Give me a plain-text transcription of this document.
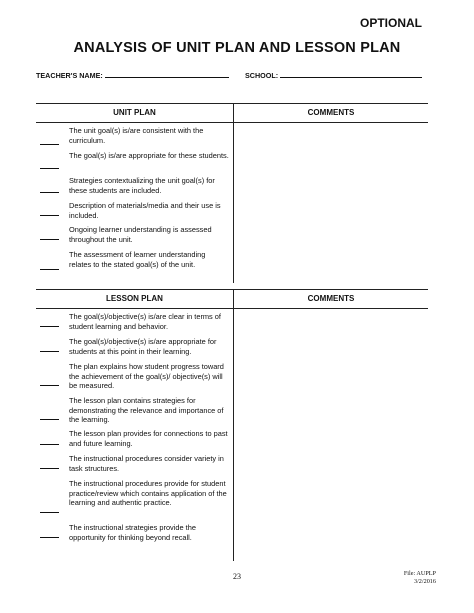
OPTIONAL
ANALYSIS OF UNIT PLAN AND LESSON PLAN
TEACHER'S NAME:	SCHOOL:
UNIT PLAN	COMMENTS
The unit goal(s) is/are consistent with the curriculum.
The goal(s) is/are appropriate for these students.
Strategies contextualizing the unit goal(s) for these students are included.
Description of materials/media and their use is included.
Ongoing learner understanding is assessed throughout the unit.
The assessment of learner understanding relates to the stated goal(s) of the unit.
LESSON PLAN	COMMENTS
The goal(s)/objective(s) is/are clear in terms of student learning and behavior.
The goal(s)/objective(s) is/are appropriate for students at this point in their learning.
The plan explains how student progress toward the achievement of the goal(s)/ objective(s) will be measured.
The lesson plan contains strategies for demonstrating the relevance and importance of the learning.
The lesson plan provides for connections to past and future learning.
The instructional procedures consider variety in task structures.
The instructional procedures provide for student practice/review which contains application of the learning and authentic practice.
The instructional strategies provide the opportunity for thinking beyond recall.
23	File: AUPLP
3/2/2016
